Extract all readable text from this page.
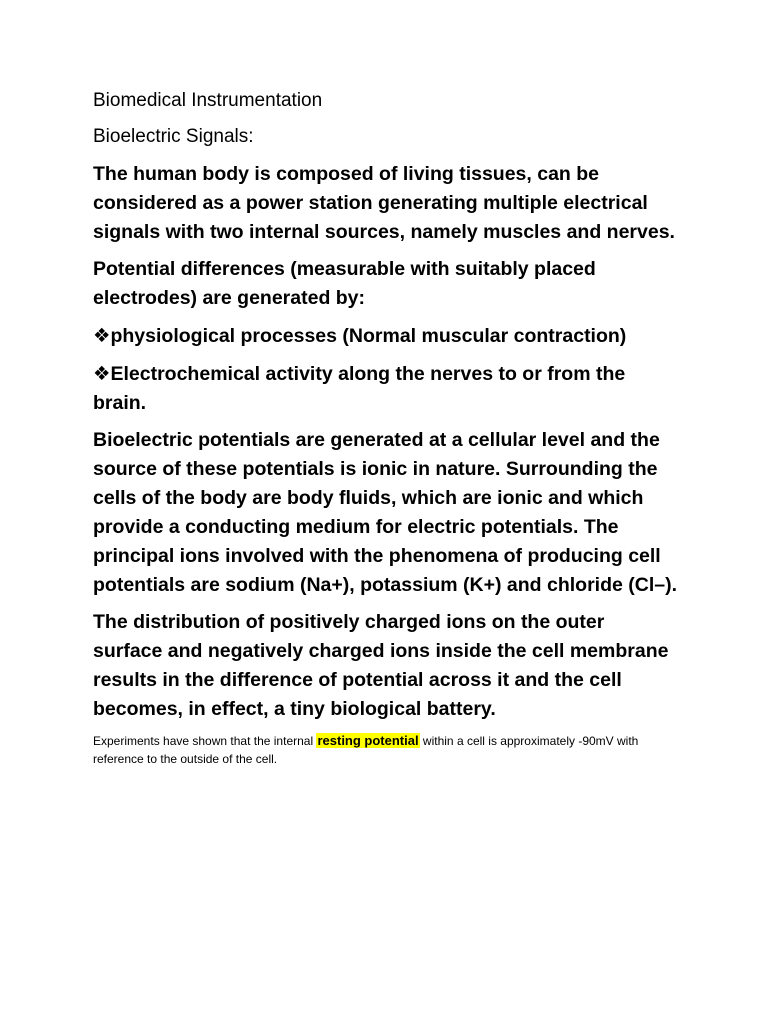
Biomedical Instrumentation
Bioelectric Signals:

The human body is composed of living tissues, can be considered as a power station generating multiple electrical signals with two internal sources, namely muscles and nerves.

Potential differences (measurable with suitably placed electrodes) are generated by:

❖physiological processes (Normal muscular contraction)

❖Electrochemical activity along the nerves to or from the brain.

Bioelectric potentials are generated at a cellular level and the source of these potentials is ionic in nature. Surrounding the cells of the body are body fluids, which are ionic and which provide a conducting medium for electric potentials. The principal ions involved with the phenomena of producing cell potentials are sodium (Na+), potassium (K+) and chloride (Cl–).

The distribution of positively charged ions on the outer surface and negatively charged ions inside the cell membrane results in the difference of potential across it and the cell becomes, in effect, a tiny biological battery.

Experiments have shown that the internal resting potential within a cell is approximately -90mV with reference to the outside of the cell.
